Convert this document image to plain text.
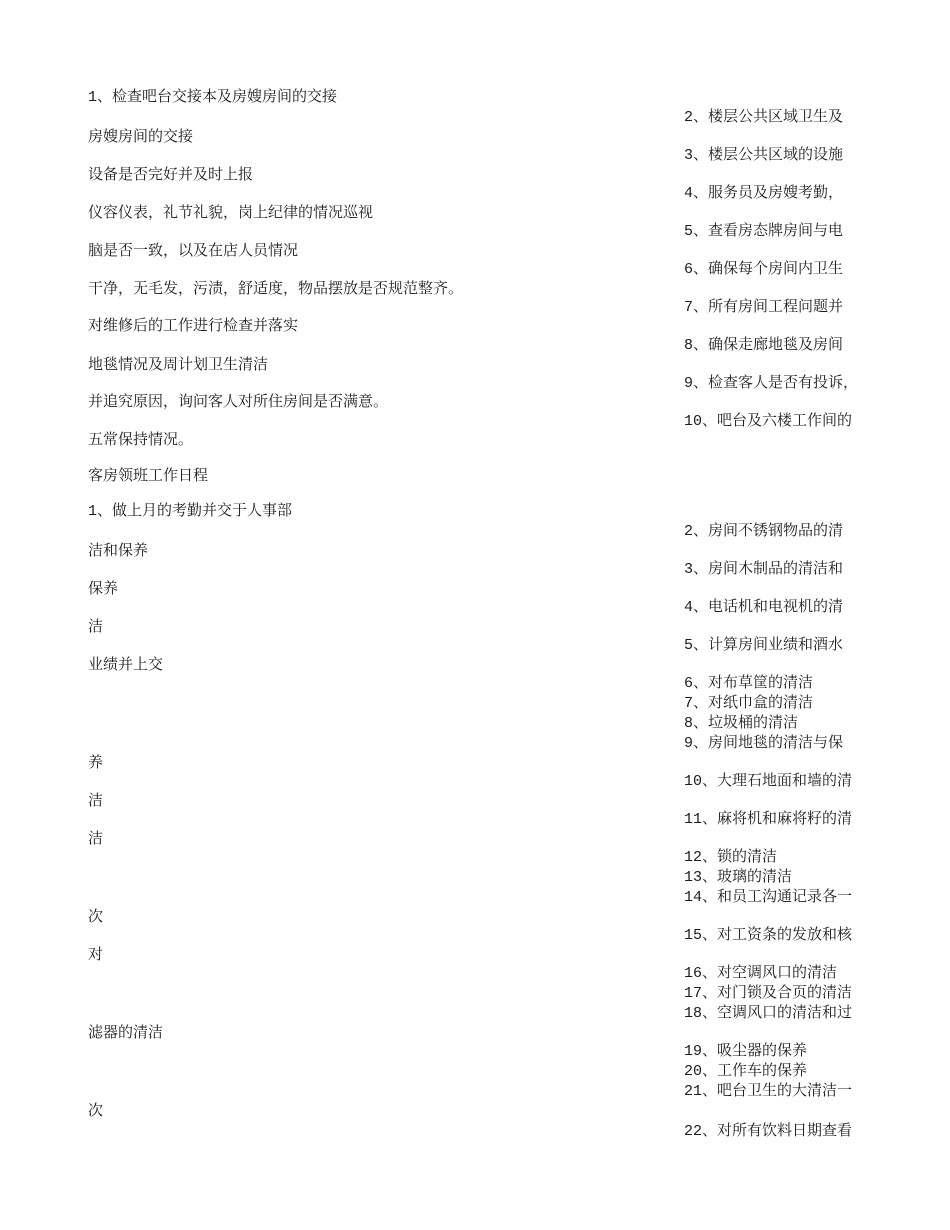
1、检查吧台交接本及房嫂房间的交接
房嫂房间的交接
设备是否完好并及时上报
仪容仪表，礼节礼貌，岗上纪律的情况巡视
脑是否一致，以及在店人员情况
干净，无毛发，污渍，舒适度，物品摆放是否规范整齐。
对维修后的工作进行检查并落实
地毯情况及周计划卫生清洁
并追究原因，询问客人对所住房间是否满意。
五常保持情况。
客房领班工作日程
1、做上月的考勤并交于人事部
洁和保养
保养
洁
业绩并上交
养
洁
洁
次
对
滤器的清洁
次
2、楼层公共区域卫生及
3、楼层公共区域的设施
4、服务员及房嫂考勤，
5、查看房态牌房间与电
6、确保每个房间内卫生
7、所有房间工程问题并
8、确保走廊地毯及房间
9、检查客人是否有投诉，
10、吧台及六楼工作间的
2、房间不锈钢物品的清
3、房间木制品的清洁和
4、电话机和电视机的清
5、计算房间业绩和酒水
6、对布草筐的清洁
7、对纸巾盒的清洁
8、垃圾桶的清洁
9、房间地毯的清洁与保
10、大理石地面和墙的清
11、麻将机和麻将籽的清
12、锁的清洁
13、玻璃的清洁
14、和员工沟通记录各一
15、对工资条的发放和核
16、对空调风口的清洁
17、对门锁及合页的清洁
18、空调风口的清洁和过
19、吸尘器的保养
20、工作车的保养
21、吧台卫生的大清洁一
22、对所有饮料日期查看
